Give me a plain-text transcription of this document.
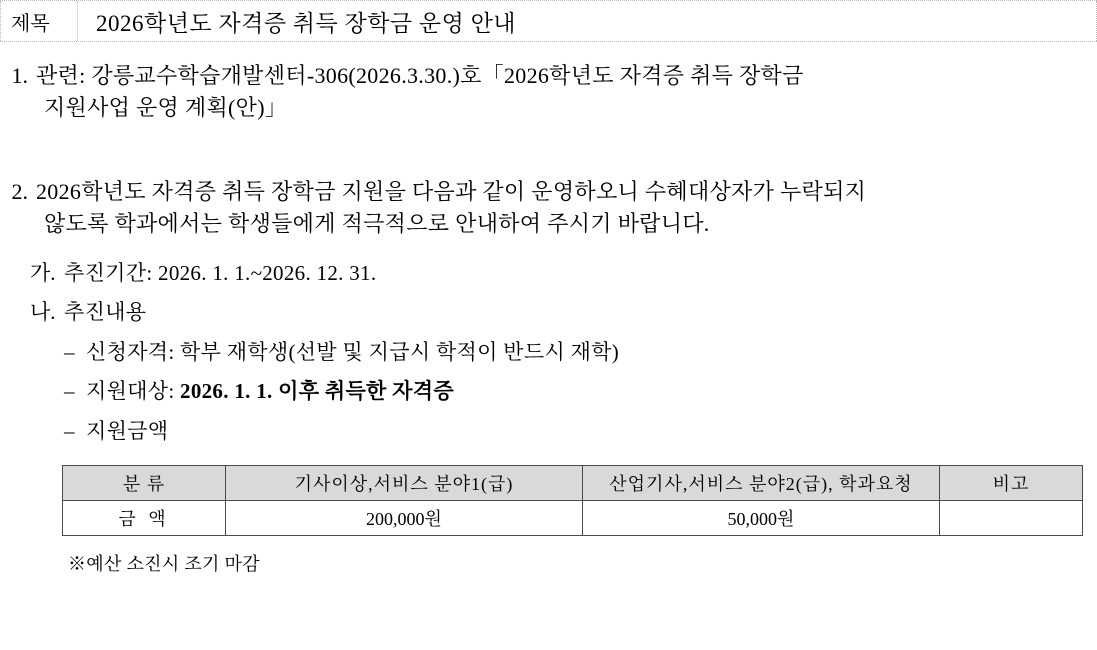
제목	2026학년도 자격증 취득 장학금 운영 안내
1. 관련: 강릉교수학습개발센터-306(2026.3.30.)호「2026학년도 자격증 취득 장학금
지원사업 운영 계획(안)」
2. 2026학년도 자격증 취득 장학금 지원을 다음과 같이 운영하오니 수혜대상자가 누락되지
않도록 학과에서는 학생들에게 적극적으로 안내하여 주시기 바랍니다.
가. 추진기간: 2026. 1. 1.~2026. 12. 31.
나. 추진내용
– 신청자격: 학부 재학생(선발 및 지급시 학적이 반드시 재학)
– 지원대상: 2026. 1. 1. 이후 취득한 자격증
– 지원금액
분 류	기사이상,서비스 분야1(급)	산업기사,서비스 분야2(급), 학과요청	비고
금 액	200,000원	50,000원	
※예산 소진시 조기 마감
